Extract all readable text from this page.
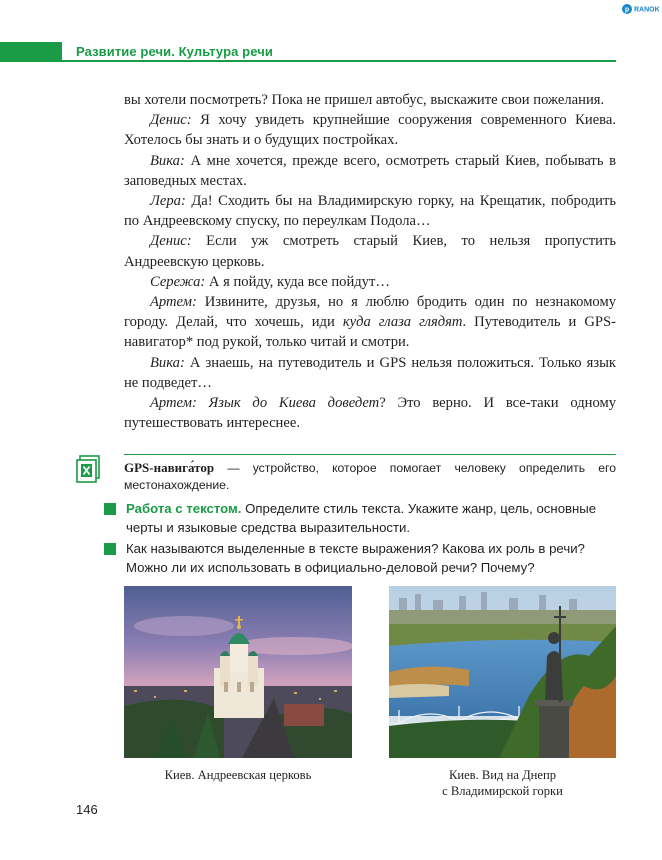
р RANOK
Развитие речи. Культура речи

вы хотели посмотреть? Пока не пришел автобус, выскажите свои пожелания.

Денис: Я хочу увидеть крупнейшие сооружения современного Киева. Хотелось бы знать и о будущих постройках.

Вика: А мне хочется, прежде всего, осмотреть старый Киев, побывать в заповедных местах.

Лера: Да! Сходить бы на Владимирскую горку, на Крещатик, побродить по Андреевскому спуску, по переулкам Подола…

Денис: Если уж смотреть старый Киев, то нельзя пропустить Андреевскую церковь.

Сережа: А я пойду, куда все пойдут…

Артем: Извините, друзья, но я люблю бродить один по незнакомому городу. Делай, что хочешь, иди куда глаза глядят. Путеводитель и GPS-навигатор* под рукой, только читай и смотри.

Вика: А знаешь, на путеводитель и GPS нельзя положиться. Только язык не подведет…

Артем: Язык до Киева доведет? Это верно. И все-таки одному путешествовать интереснее.

GPS-навига́тор — устройство, которое помогает человеку определить его местонахождение.
Работа с текстом. Определите стиль текста. Укажите жанр, цель, основные черты и языковые средства выразительности.
Как называются выделенные в тексте выражения? Какова их роль в речи? Можно ли их использовать в официально-деловой речи? Почему?
Киев. Андреевская церковь	Киев. Вид на Днепр
с Владимирской горки
146
